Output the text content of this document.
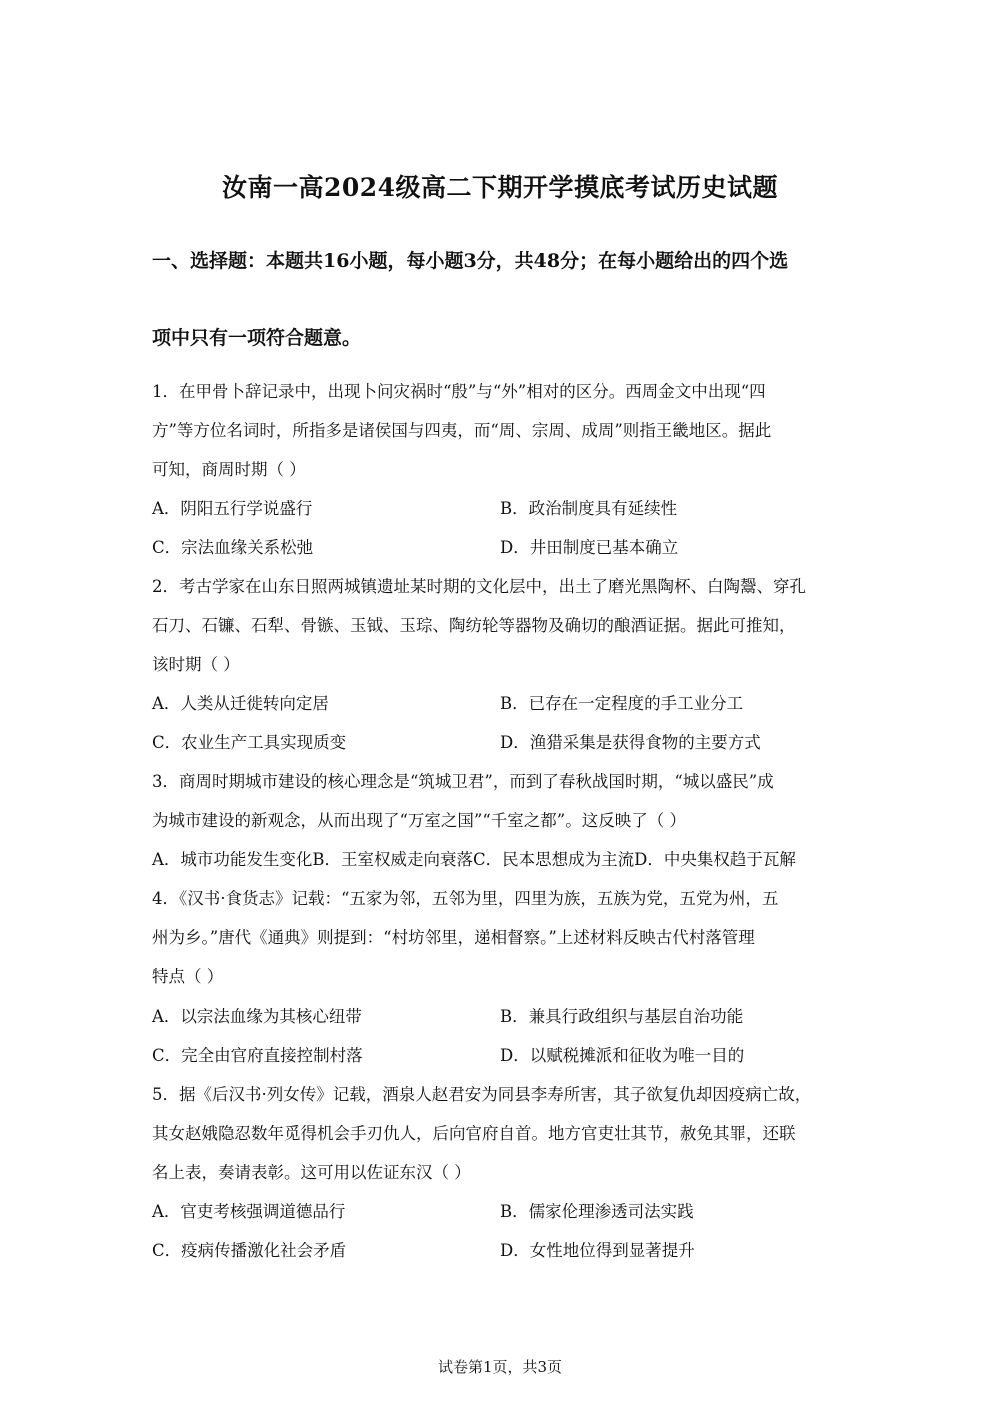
汝南一高2024级高二下期开学摸底考试历史试题
一、选择题：本题共16小题，每小题3分，共48分；在每小题给出的四个选
项中只有一项符合题意。
1．在甲骨卜辞记录中，出现卜问灾祸时“殷”与“外”相对的区分。西周金文中出现“四
方”等方位名词时，所指多是诸侯国与四夷，而“周、宗周、成周”则指王畿地区。据此
可知，商周时期（ ）
A．阴阳五行学说盛行	B．政治制度具有延续性
C．宗法血缘关系松弛	D．井田制度已基本确立
2．考古学家在山东日照两城镇遗址某时期的文化层中，出土了磨光黑陶杯、白陶鬶、穿孔
石刀、石镰、石犁、骨镞、玉钺、玉琮、陶纺轮等器物及确切的酿酒证据。据此可推知，
该时期（ ）
A．人类从迁徙转向定居	B．已存在一定程度的手工业分工
C．农业生产工具实现质变	D．渔猎采集是获得食物的主要方式
3．商周时期城市建设的核心理念是“筑城卫君”，而到了春秋战国时期，“城以盛民”成
为城市建设的新观念，从而出现了“万室之国”“千室之都”。这反映了（ ）
A．城市功能发生变化B．王室权威走向衰落C．民本思想成为主流D．中央集权趋于瓦解
4．《汉书·食货志》记载：“五家为邻，五邻为里，四里为族，五族为党，五党为州，五
州为乡。”唐代《通典》则提到：“村坊邻里，递相督察。”上述材料反映古代村落管理
特点（ ）
A．以宗法血缘为其核心纽带	B．兼具行政组织与基层自治功能
C．完全由官府直接控制村落	D．以赋税摊派和征收为唯一目的
5．据《后汉书·列女传》记载，酒泉人赵君安为同县李寿所害，其子欲复仇却因疫病亡故，
其女赵娥隐忍数年觅得机会手刃仇人，后向官府自首。地方官吏壮其节，赦免其罪，还联
名上表，奏请表彰。这可用以佐证东汉（ ）
A．官吏考核强调道德品行	B．儒家伦理渗透司法实践
C．疫病传播激化社会矛盾	D．女性地位得到显著提升
试卷第1页，共3页
